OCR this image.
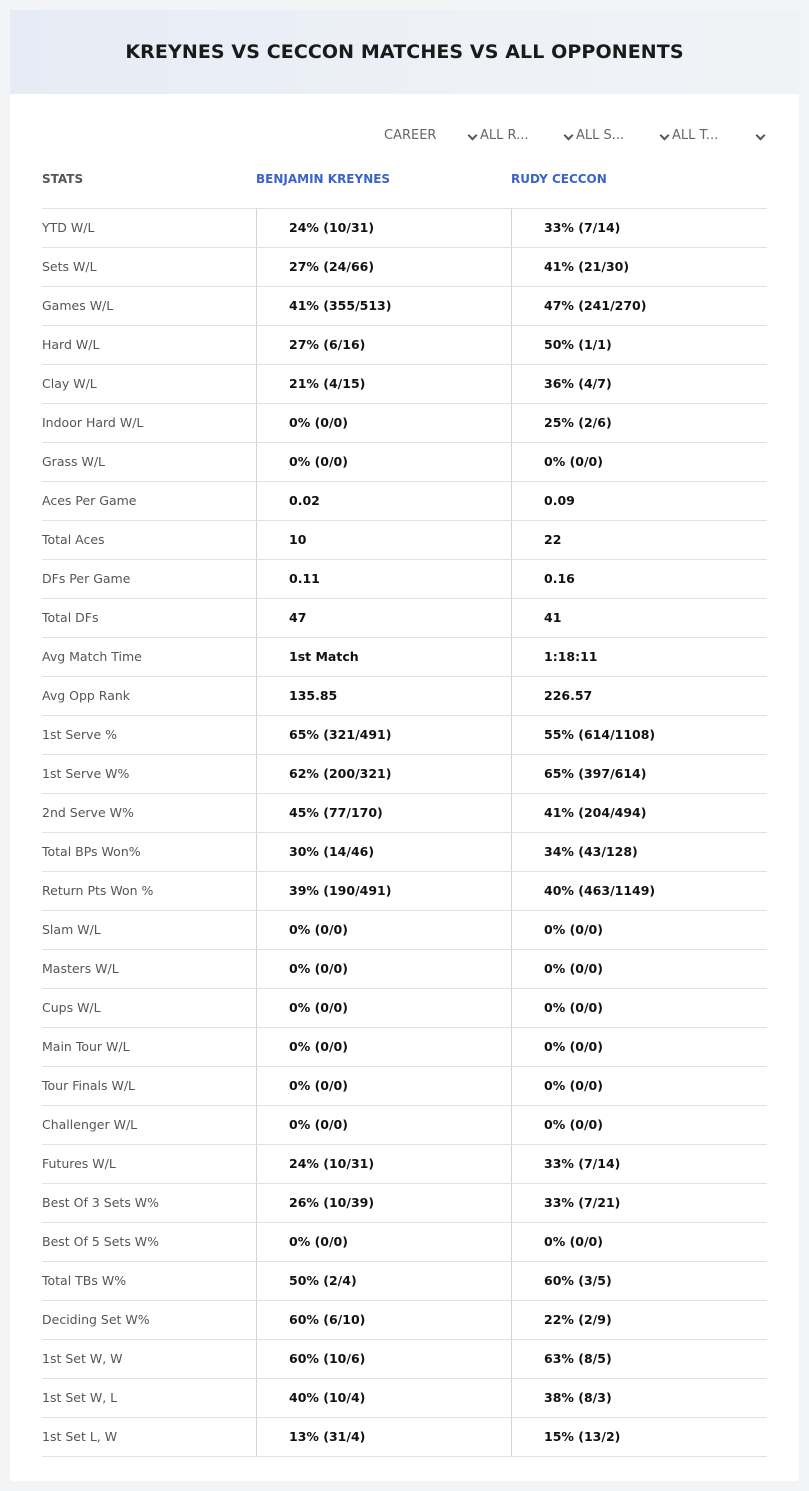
KREYNES VS CECCON MATCHES VS ALL OPPONENTS
CAREER	ALL R...	ALL S...	ALL T...
STATS	BENJAMIN KREYNES	RUDY CECCON
YTD W/L	24% (10/31)	33% (7/14)
Sets W/L	27% (24/66)	41% (21/30)
Games W/L	41% (355/513)	47% (241/270)
Hard W/L	27% (6/16)	50% (1/1)
Clay W/L	21% (4/15)	36% (4/7)
Indoor Hard W/L	0% (0/0)	25% (2/6)
Grass W/L	0% (0/0)	0% (0/0)
Aces Per Game	0.02	0.09
Total Aces	10	22
DFs Per Game	0.11	0.16
Total DFs	47	41
Avg Match Time	1st Match	1:18:11
Avg Opp Rank	135.85	226.57
1st Serve %	65% (321/491)	55% (614/1108)
1st Serve W%	62% (200/321)	65% (397/614)
2nd Serve W%	45% (77/170)	41% (204/494)
Total BPs Won%	30% (14/46)	34% (43/128)
Return Pts Won %	39% (190/491)	40% (463/1149)
Slam W/L	0% (0/0)	0% (0/0)
Masters W/L	0% (0/0)	0% (0/0)
Cups W/L	0% (0/0)	0% (0/0)
Main Tour W/L	0% (0/0)	0% (0/0)
Tour Finals W/L	0% (0/0)	0% (0/0)
Challenger W/L	0% (0/0)	0% (0/0)
Futures W/L	24% (10/31)	33% (7/14)
Best Of 3 Sets W%	26% (10/39)	33% (7/21)
Best Of 5 Sets W%	0% (0/0)	0% (0/0)
Total TBs W%	50% (2/4)	60% (3/5)
Deciding Set W%	60% (6/10)	22% (2/9)
1st Set W, W	60% (10/6)	63% (8/5)
1st Set W, L	40% (10/4)	38% (8/3)
1st Set L, W	13% (31/4)	15% (13/2)
